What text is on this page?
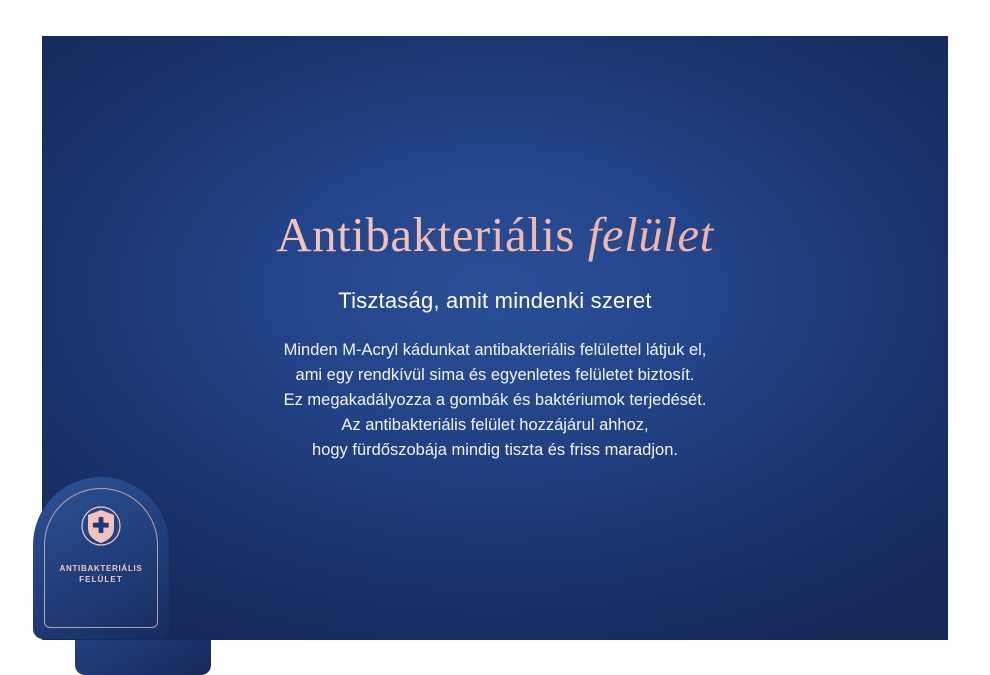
Antibakteriális felület
Tisztaság, amit mindenki szeret
Minden M-Acryl kádunkat antibakteriális felülettel látjuk el,
ami egy rendkívül sima és egyenletes felületet biztosít.
Ez megakadályozza a gombák és baktériumok terjedését.
Az antibakteriális felület hozzájárul ahhoz,
hogy fürdőszobája mindig tiszta és friss maradjon.
ANTIBAKTERIÁLIS
FELÜLET
